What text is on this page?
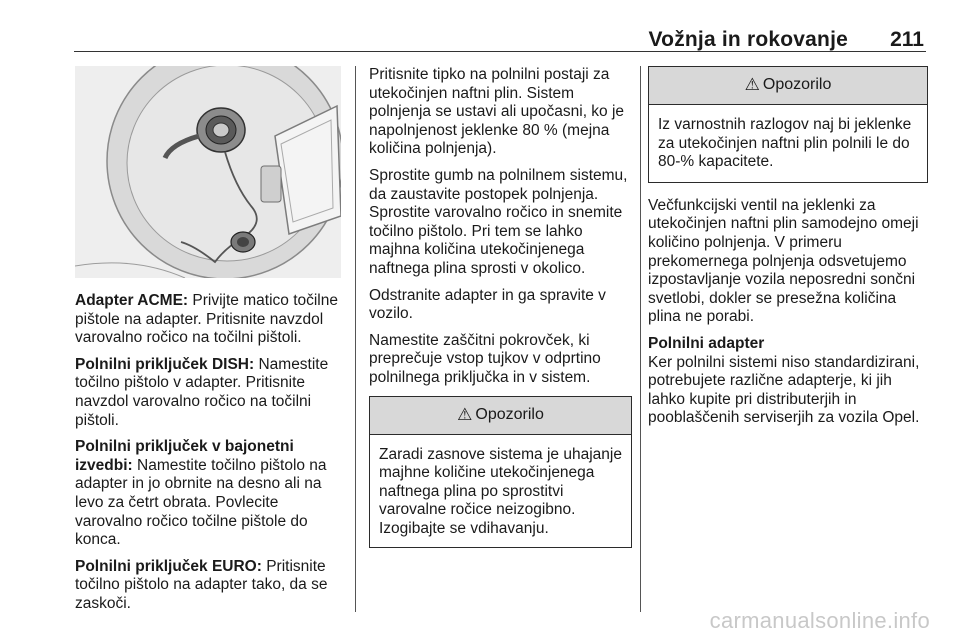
Vožnja in rokovanje 211

Adapter ACME: Privijte matico točilne pištole na adapter. Pritisnite navzdol varovalno ročico na točilni pištoli.

Polnilni priključek DISH: Namestite točilno pištolo v adapter. Pritisnite navzdol varovalno ročico na točilni pištoli.

Polnilni priključek v bajonetni izvedbi: Namestite točilno pištolo na adapter in jo obrnite na desno ali na levo za četrt obrata. Povlecite varovalno ročico točilne pištole do konca.

Polnilni priključek EURO: Pritisnite točilno pištolo na adapter tako, da se zaskoči.

Pritisnite tipko na polnilni postaji za utekočinjen naftni plin. Sistem polnjenja se ustavi ali upočasni, ko je napolnjenost jeklenke 80 % (mejna količina polnjenja).

Sprostite gumb na polnilnem sistemu, da zaustavite postopek polnjenja. Sprostite varovalno ročico in snemite točilno pištolo. Pri tem se lahko majhna količina utekočinjenega naftnega plina sprosti v okolico.

Odstranite adapter in ga spravite v vozilo.

Namestite zaščitni pokrovček, ki preprečuje vstop tujkov v odprtino polnilnega priključka in v sistem.

⚠ Opozorilo
Zaradi zasnove sistema je uhajanje majhne količine utekočinjenega naftnega plina po sprostitvi varovalne ročice neizogibno. Izogibajte se vdihavanju.
⚠ Opozorilo
Iz varnostnih razlogov naj bi jeklenke za utekočinjen naftni plin polnili le do 80-% kapacitete.

Večfunkcijski ventil na jeklenki za utekočinjen naftni plin samodejno omeji količino polnjenja. V primeru prekomernega polnjenja odsvetujemo izpostavljanje vozila neposredni sončni svetlobi, dokler se presežna količina plina ne porabi.

Polnilni adapter

Ker polnilni sistemi niso standardizirani, potrebujete različne adapterje, ki jih lahko kupite pri distributerjih in pooblaščenih serviserjih za vozila Opel.

carmanualsonline.info
